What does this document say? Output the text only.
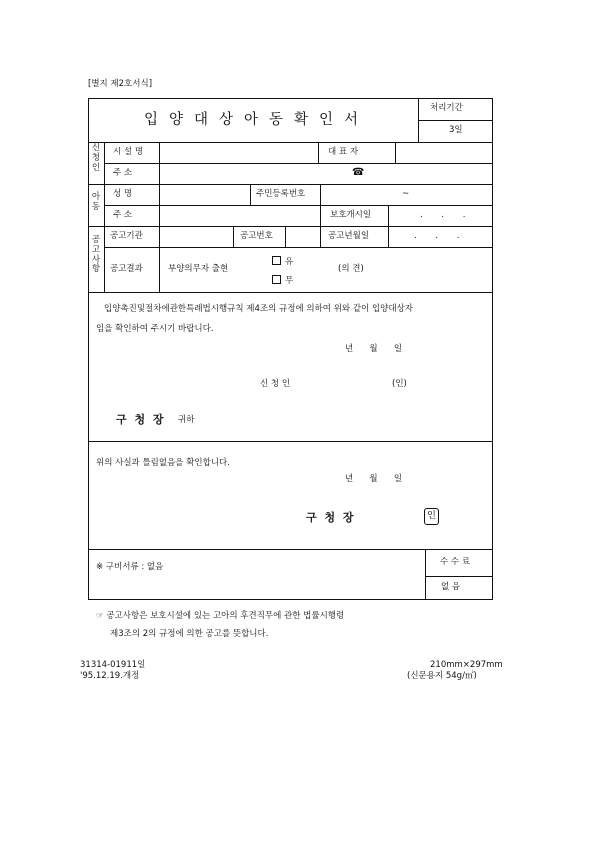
[별지 제2호서식]
입양대상아동확인서
처리기간
3일
신청인
시 설 명	대 표 자
주 소	☎
아동
성 명	주민등록번호	~
주 소	보호개시일	. . .
공고사항
공고기관	공고번호	공고년월일	. . .
공고결과	부양의무자 출현
유
무
(의 견)
입양촉진및절차에관한특례법시행규칙 제4조의 규정에 의하여 위와 같이 입양대상자
임을 확인하여 주시기 바랍니다.
년      월      일
신 청 인	(인)
구 청 장 귀하
위의 사실과 틀림없음을 확인합니다.
년      월      일
구 청 장	인
※ 구비서류 : 없음	수 수 료
없 음
☞ 공고사항은 보호시설에 있는 고아의 후견직무에 관한 법률시행령
제3조의 2의 규정에 의한 공고를 뜻합니다.
31314-01911일
'95.12.19.개정
210mm×297mm
(신문용지 54g/㎡)
